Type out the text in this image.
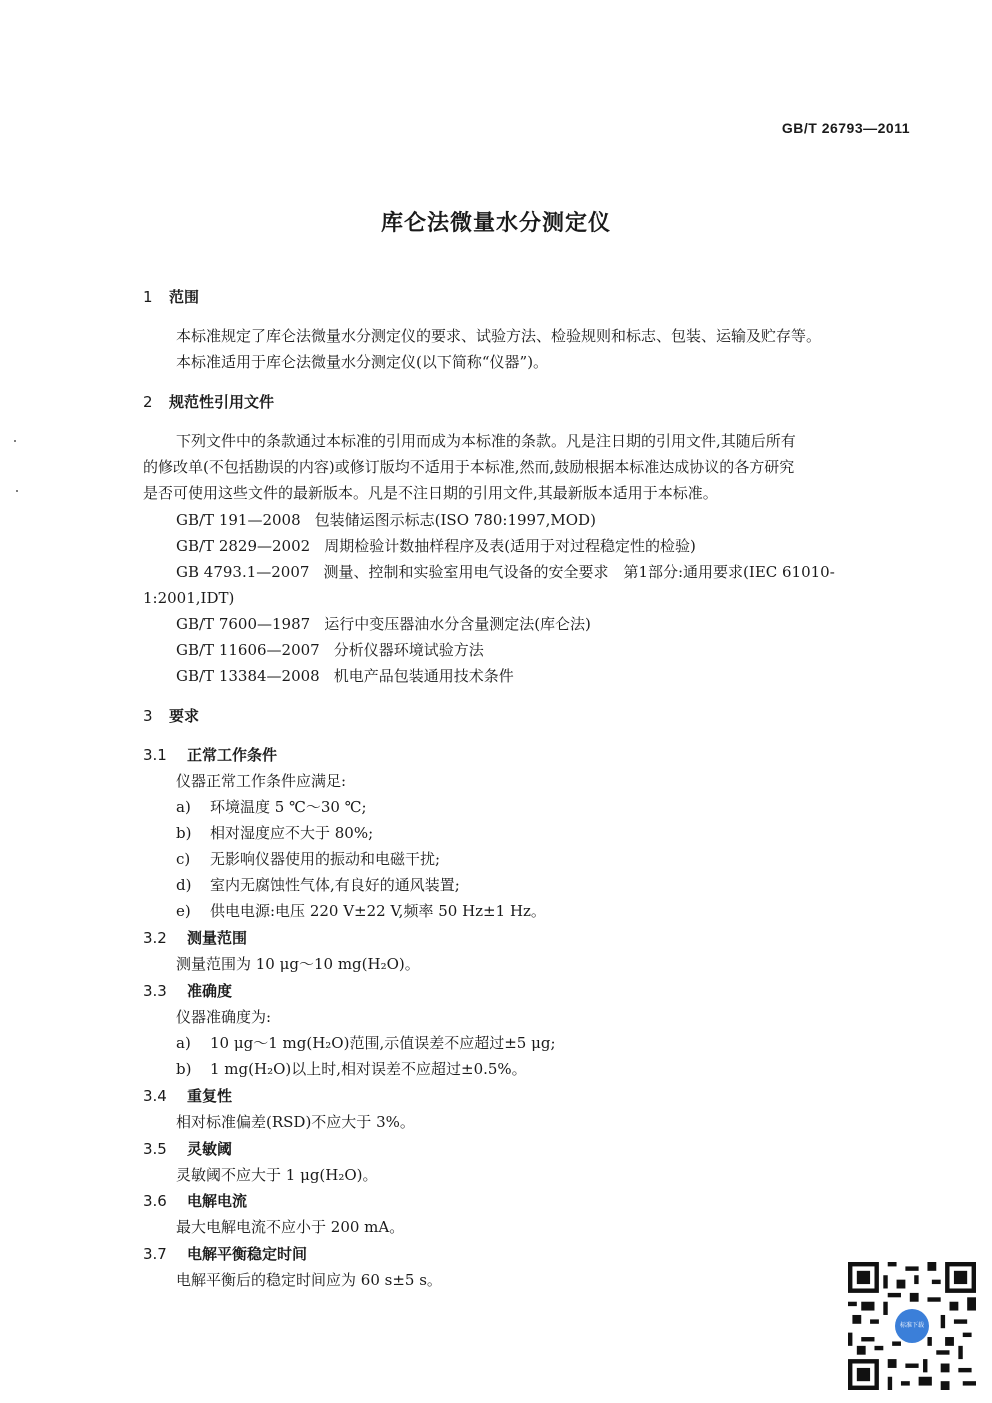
GB/T 26793—2011
库仑法微量水分测定仪
1 范围
本标准规定了库仑法微量水分测定仪的要求、试验方法、检验规则和标志、包装、运输及贮存等。
本标准适用于库仑法微量水分测定仪(以下简称“仪器”)。
2 规范性引用文件
下列文件中的条款通过本标准的引用而成为本标准的条款。凡是注日期的引用文件,其随后所有
的修改单(不包括勘误的内容)或修订版均不适用于本标准,然而,鼓励根据本标准达成协议的各方研究
是否可使用这些文件的最新版本。凡是不注日期的引用文件,其最新版本适用于本标准。
GB/T 191—2008 包装储运图示标志(ISO 780:1997,MOD)
GB/T 2829—2002 周期检验计数抽样程序及表(适用于对过程稳定性的检验)
GB 4793.1—2007 测量、控制和实验室用电气设备的安全要求　第1部分:通用要求(IEC 61010-
1:2001,IDT)
GB/T 7600—1987 运行中变压器油水分含量测定法(库仑法)
GB/T 11606—2007 分析仪器环境试验方法
GB/T 13384—2008 机电产品包装通用技术条件
3 要求
3.1 正常工作条件
仪器正常工作条件应满足:
a) 环境温度 5 ℃～30 ℃;
b) 相对湿度应不大于 80%;
c) 无影响仪器使用的振动和电磁干扰;
d) 室内无腐蚀性气体,有良好的通风装置;
e) 供电电源:电压 220 V±22 V,频率 50 Hz±1 Hz。
3.2 测量范围
测量范围为 10 μg～10 mg(H₂O)。
3.3 准确度
仪器准确度为:
a) 10 μg～1 mg(H₂O)范围,示值误差不应超过±5 μg;
b) 1 mg(H₂O)以上时,相对误差不应超过±0.5%。
3.4 重复性
相对标准偏差(RSD)不应大于 3%。
3.5 灵敏阈
灵敏阈不应大于 1 μg(H₂O)。
3.6 电解电流
最大电解电流不应小于 200 mA。
3.7 电解平衡稳定时间
电解平衡后的稳定时间应为 60 s±5 s。
标准下载
